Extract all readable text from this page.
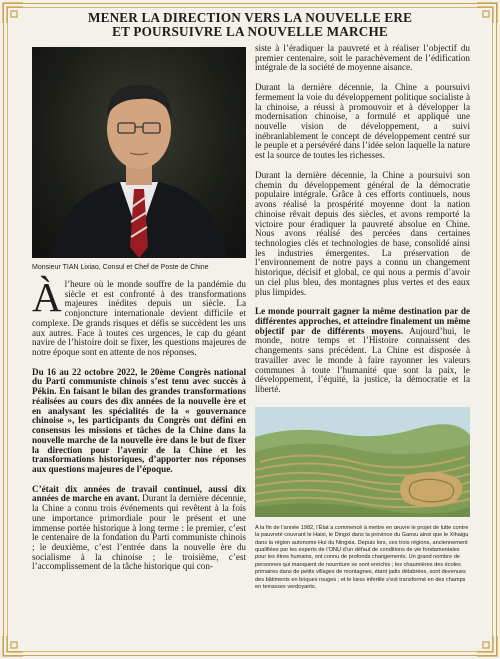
MENER LA DIRECTION VERS LA NOUVELLE ERE
ET POURSUIVRE LA NOUVELLE MARCHE
Monsieur TIAN Lixiao, Consul et Chef de Poste de Chine

Àl’heure où le monde souffre de la pandémie du siècle et est confronté à des transformations majeures inédites depuis un siècle. La conjoncture internationale devient difficile et complexe. De grands risques et défis se succèdent les uns aux autres. Face à toutes ces urgences, le cap du géant navire de l’histoire doit se fixer, les questions majeures de notre époque sont en attente de nos réponses.

Du 16 au 22 octobre 2022, le 20ème Congrès national du Parti communiste chinois s’est tenu avec succès à Pékin. En faisant le bilan des grandes transformations réalisées au cours des dix années de la nouvelle ère et en analysant les spécialités de la « gouvernance chinoise », les participants du Congrès ont défini en consensus les missions et tâches de la Chine dans la nouvelle marche de la nouvelle ère dans le but de fixer la direction pour l’avenir de la Chine et les transformations historiques, d’apporter nos réponses aux questions majeures de l’époque.

C’était dix années de travail continuel, aussi dix années de marche en avant. Durant la dernière décennie, la Chine a connu trois événements qui revêtent à la fois une importance primordiale pour le présent et une immense portée historique à long terme : le premier, c’est le centenaire de la fondation du Parti communiste chinois ; le deuxième, c’est l’entrée dans la nouvelle ère du socialisme à la chinoise ; le troisième, c’est l’accomplissement de la tâche historique qui con-

siste à l’éradiquer la pauvreté et à réaliser l’objectif du premier centenaire, soit le parachèvement de l’édification intégrale de la société de moyenne aisance.

Durant la dernière décennie, la Chine a poursuivi fermement la voie du développement politique socialiste à la chinoise, a réussi à promouvoir et à développer la modernisation chinoise, a formulé et appliqué une nouvelle vision de développement, a suivi inébranlablement le concept de développement centré sur le peuple et a persévéré dans l’idée selon laquelle la nature est la source de toutes les richesses.

Durant la dernière décennie, la Chine a poursuivi son chemin du développement général de la démocratie populaire intégrale. Grâce à ces efforts continuels, nous avons réalisé la prospérité moyenne dont la nation chinoise rêvait depuis des siècles, et avons remporté la victoire pour éradiquer la pauvreté absolue en Chine. Nous avons réalisé des percées dans certaines technologies clés et technologies de base, consolidé ainsi les industries émergentes. La préservation de l’environnement de notre pays a connu un changement historique, décisif et global, ce qui nous a permis d’avoir un ciel plus bleu, des montagnes plus vertes et des eaux plus limpides.

Le monde pourrait gagner la même destination par de différentes approches, et atteindre finalement un même objectif par de différents moyens. Aujourd’hui, le monde, notre temps et l’Histoire connaissent des changements sans précédent. La Chine est disposée à travailler avec le monde à faire rayonner les valeurs communes à toute l’humanité que sont la paix, le développement, l’équité, la justice, la démocratie et la liberté.

A la fin de l’année 1982, l’État a commencé à mettre en œuvre le projet de lutte contre la pauvreté couvrant le Haixi, le Dingxi dans la province du Gansu ainsi que le Xihaigu dans la région autonome Hui du Ningxia. Depuis lors, ces trois régions, anciennement qualifiées par les experts de l’ONU d’un défaut de conditions de vie fondamentales pour les êtres humains, ont connu de profonds changements. Un grand nombre de personnes qui manquent de nourriture se sont enrichis ; les chaumières des écoles primaires dans de petits villages de montagnes, étant jadis délabrées, sont devenues des bâtiments en briques rouges ; et le lœss infertile s’est transformé en des champs en terrasses verdoyants.
